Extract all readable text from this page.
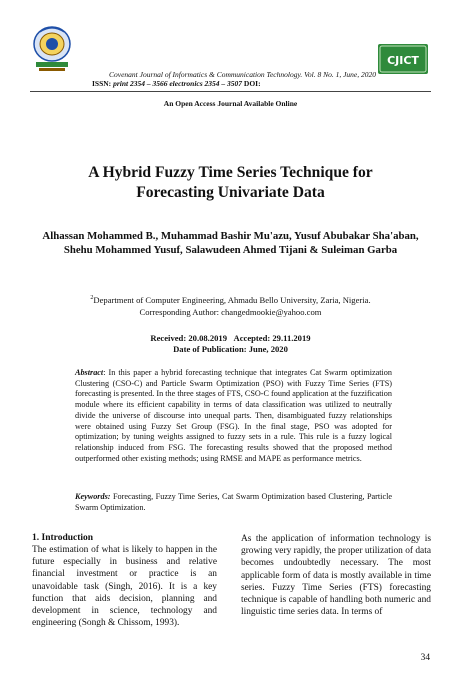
CJICT
Covenant Journal of Informatics & Communication Technology. Vol. 8 No. 1, June, 2020
ISSN: print 2354 – 3566 electronics 2354 – 3507 DOI:
An Open Access Journal Available Online
A Hybrid Fuzzy Time Series Technique for Forecasting Univariate Data
Alhassan Mohammed B., Muhammad Bashir Mu'azu, Yusuf Abubakar Sha'aban, Shehu Mohammed Yusuf, Salawudeen Ahmed Tijani & Suleiman Garba
$^2$Department of Computer Engineering, Ahmadu Bello University, Zaria, Nigeria.
Corresponding Author: changedmookie@yahoo.com
Received: 20.08.2019 Accepted: 29.11.2019
Date of Publication: June, 2020
Abstract: In this paper a hybrid forecasting technique that integrates Cat Swarm optimization Clustering (CSO-C) and Particle Swarm Optimization (PSO) with Fuzzy Time Series (FTS) forecasting is presented. In the three stages of FTS, CSO-C found application at the fuzzification module where its efficient capability in terms of data classification was utilized to neutrally divide the universe of discourse into unequal parts. Then, disambiguated fuzzy relationships were obtained using Fuzzy Set Group (FSG). In the final stage, PSO was adopted for optimization; by tuning weights assigned to fuzzy sets in a rule. This rule is a fuzzy logical relationship induced from FSG. The forecasting results showed that the proposed method outperformed other existing methods; using RMSE and MAPE as performance metrics.
Keywords: Forecasting, Fuzzy Time Series, Cat Swarm Optimization based Clustering, Particle Swarm Optimization.
1. Introduction
The estimation of what is likely to happen in the future especially in business and relative financial investment or practice is an unavoidable task (Singh, 2016). It is a key function that aids decision, planning and development in science, technology and engineering (Songh & Chissom, 1993).
As the application of information technology is growing very rapidly, the proper utilization of data becomes undoubtedly necessary. The most applicable form of data is mostly available in time series. Fuzzy Time Series (FTS) forecasting technique is capable of handling both numeric and linguistic time series data. In terms of
34
